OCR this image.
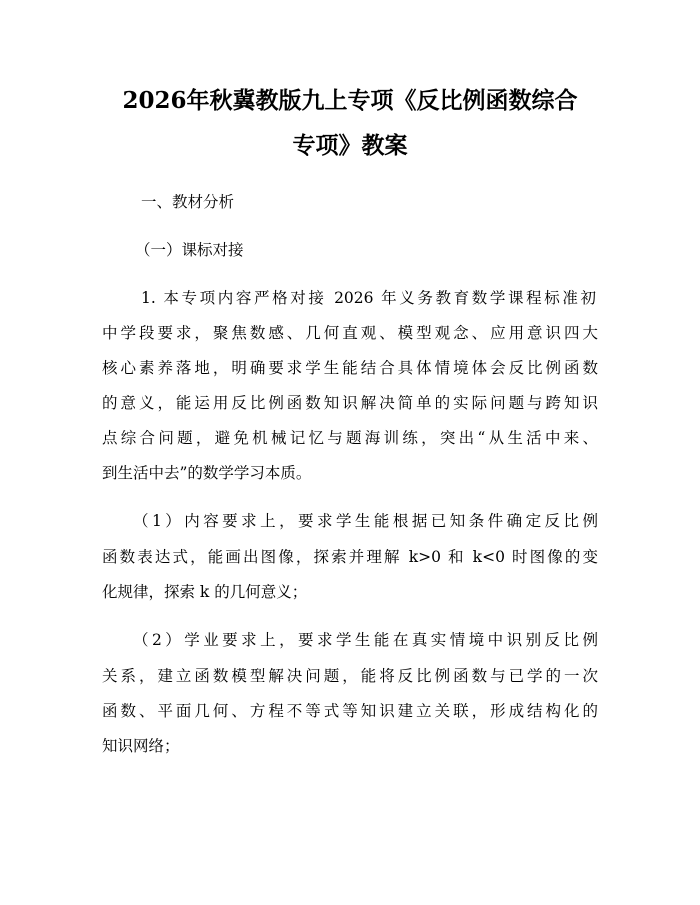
2026年秋冀教版九上专项《反比例函数综合
专项》教案
一、教材分析
（一）课标对接
1. 本专项内容严格对接 2026 年义务教育数学课程标准初
中学段要求，聚焦数感、几何直观、模型观念、应用意识四大
核心素养落地，明确要求学生能结合具体情境体会反比例函数
的意义，能运用反比例函数知识解决简单的实际问题与跨知识
点综合问题，避免机械记忆与题海训练，突出“从生活中来、
到生活中去”的数学学习本质。
（1）内容要求上，要求学生能根据已知条件确定反比例
函数表达式，能画出图像，探索并理解 k>0 和 k<0 时图像的变
化规律，探索 k 的几何意义；
（2）学业要求上，要求学生能在真实情境中识别反比例
关系，建立函数模型解决问题，能将反比例函数与已学的一次
函数、平面几何、方程不等式等知识建立关联，形成结构化的
知识网络；
